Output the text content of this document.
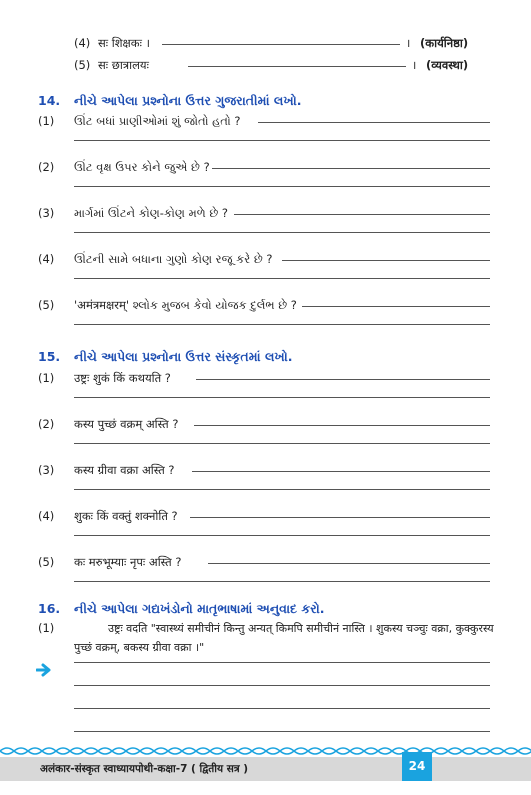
(4) सः शिक्षकः ।	। (कार्यनिष्ठा)
(5) सः छात्रालयः	। (व्यवस्था)
14. નીચે આપેલા પ્રશ્નોના ઉત્તર ગુજરાતીમાં લખો.
(1) ઊંટ બધાં પ્રાણીઓમાં શું જોતો હતો ?
(2) ઊંટ વૃક્ષ ઉપર કોને જુએ છે ?
(3) માર્ગમાં ઊંટને કોણ-કોણ મળે છે ?
(4) ઊંટની સામે બધાના ગુણો કોણ રજૂ કરે છે ?
(5) 'अमंत्रमक्षरम्' શ્લોક મુજબ કેવો યોજક દુર્લભ છે ?
15. નીચે આપેલા પ્રશ્નોના ઉત્તર સંસ્કૃતમાં લખો.
(1) उष्ट्रः शुकं किं कथयति ?
(2) कस्य पुच्छं वक्रम् अस्ति ?
(3) कस्य ग्रीवा वक्रा अस्ति ?
(4) शुकः किं वक्तुं शक्नोति ?
(5) कः मरुभूम्याः नृपः अस्ति ?
16. નીચે આપેલા ગદ્યખંડોનો માતૃભાષામાં અનુવાદ કરો.
(1)	उष्ट्रः वदति "स्वास्थ्यं समीचीनं किन्तु अन्यत् किमपि समीचीनं नास्ति । शुकस्य चञ्चुः वक्रा, कुक्कुरस्य पुच्छं वक्रम्, बकस्य ग्रीवा वक्रा ।"
अलंकार-संस्कृत स्वाध्यायपोथी-कक्षा-7 ( द्वितीय सत्र )	24
